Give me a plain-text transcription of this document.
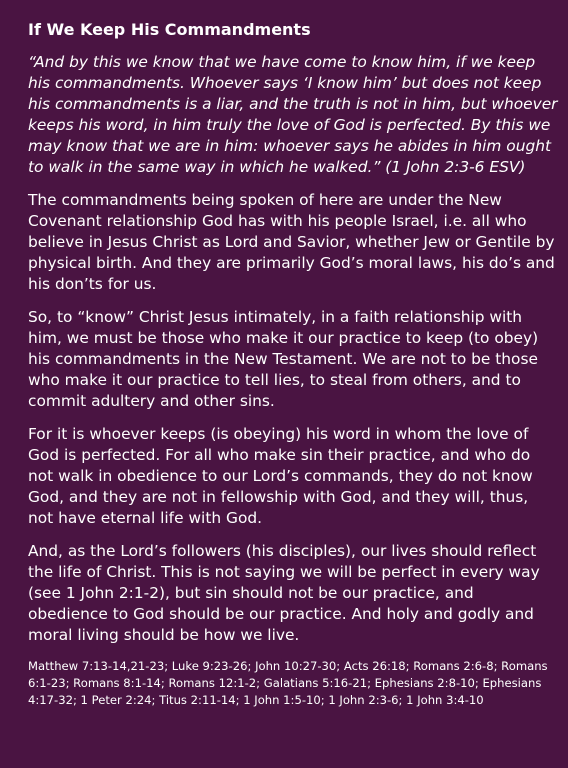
If We Keep His Commandments

“And by this we know that we have come to know him, if we keep his commandments. Whoever says ‘I know him’ but does not keep his commandments is a liar, and the truth is not in him, but whoever keeps his word, in him truly the love of God is perfected. By this we may know that we are in him: whoever says he abides in him ought to walk in the same way in which he walked.” (1 John 2:3-6 ESV)

The commandments being spoken of here are under the New Covenant relationship God has with his people Israel, i.e. all who believe in Jesus Christ as Lord and Savior, whether Jew or Gentile by physical birth. And they are primarily God’s moral laws, his do’s and his don’ts for us.

So, to “know” Christ Jesus intimately, in a faith relationship with him, we must be those who make it our practice to keep (to obey) his commandments in the New Testament. We are not to be those who make it our practice to tell lies, to steal from others, and to commit adultery and other sins.

For it is whoever keeps (is obeying) his word in whom the love of God is perfected. For all who make sin their practice, and who do not walk in obedience to our Lord’s commands, they do not know God, and they are not in fellowship with God, and they will, thus, not have eternal life with God.

And, as the Lord’s followers (his disciples), our lives should reflect the life of Christ. This is not saying we will be perfect in every way (see 1 John 2:1-2), but sin should not be our practice, and obedience to God should be our practice. And holy and godly and moral living should be how we live.

Matthew 7:13-14,21-23; Luke 9:23-26; John 10:27-30; Acts 26:18; Romans 2:6-8; Romans 6:1-23; Romans 8:1-14; Romans 12:1-2; Galatians 5:16-21; Ephesians 2:8-10; Ephesians 4:17-32; 1 Peter 2:24; Titus 2:11-14; 1 John 1:5-10; 1 John 2:3-6; 1 John 3:4-10
